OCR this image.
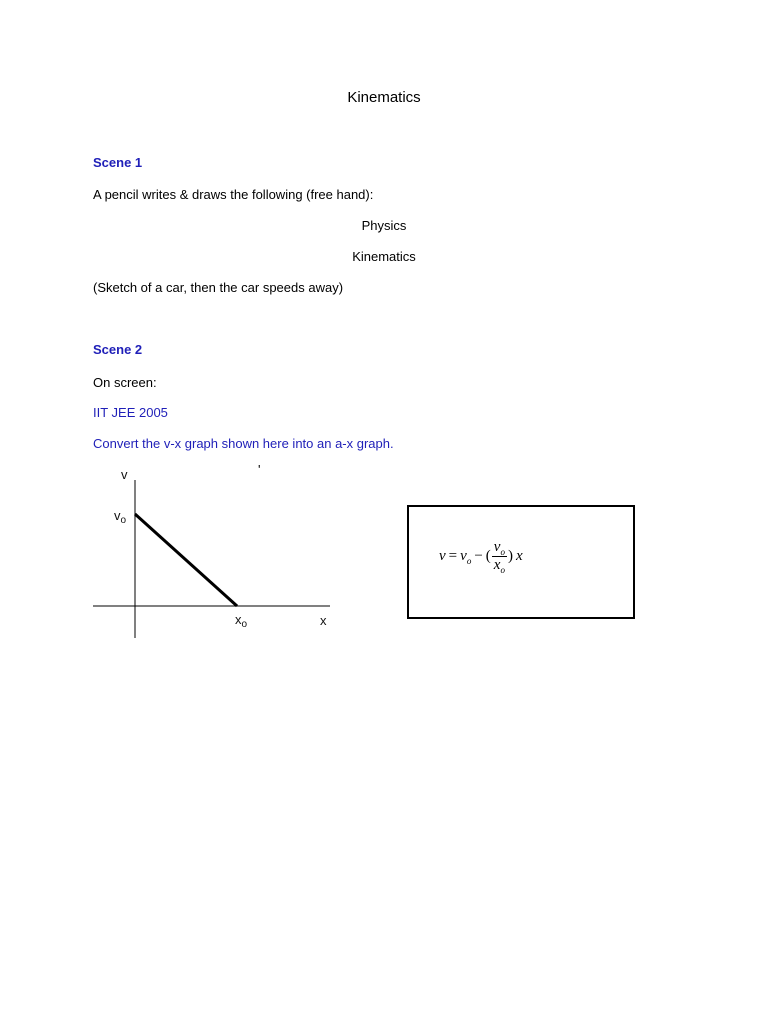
Kinematics
Scene 1
A pencil writes & draws the following (free hand):
Physics
Kinematics
(Sketch of a car, then the car speeds away)
Scene 2
On screen:
IIT JEE 2005
Convert the v-x graph shown here into an a-x graph.
'
v
$v_o$
$x_o$	x
$v = v_o$ − ( $\frac{v_o}{x_o}$ ) x
